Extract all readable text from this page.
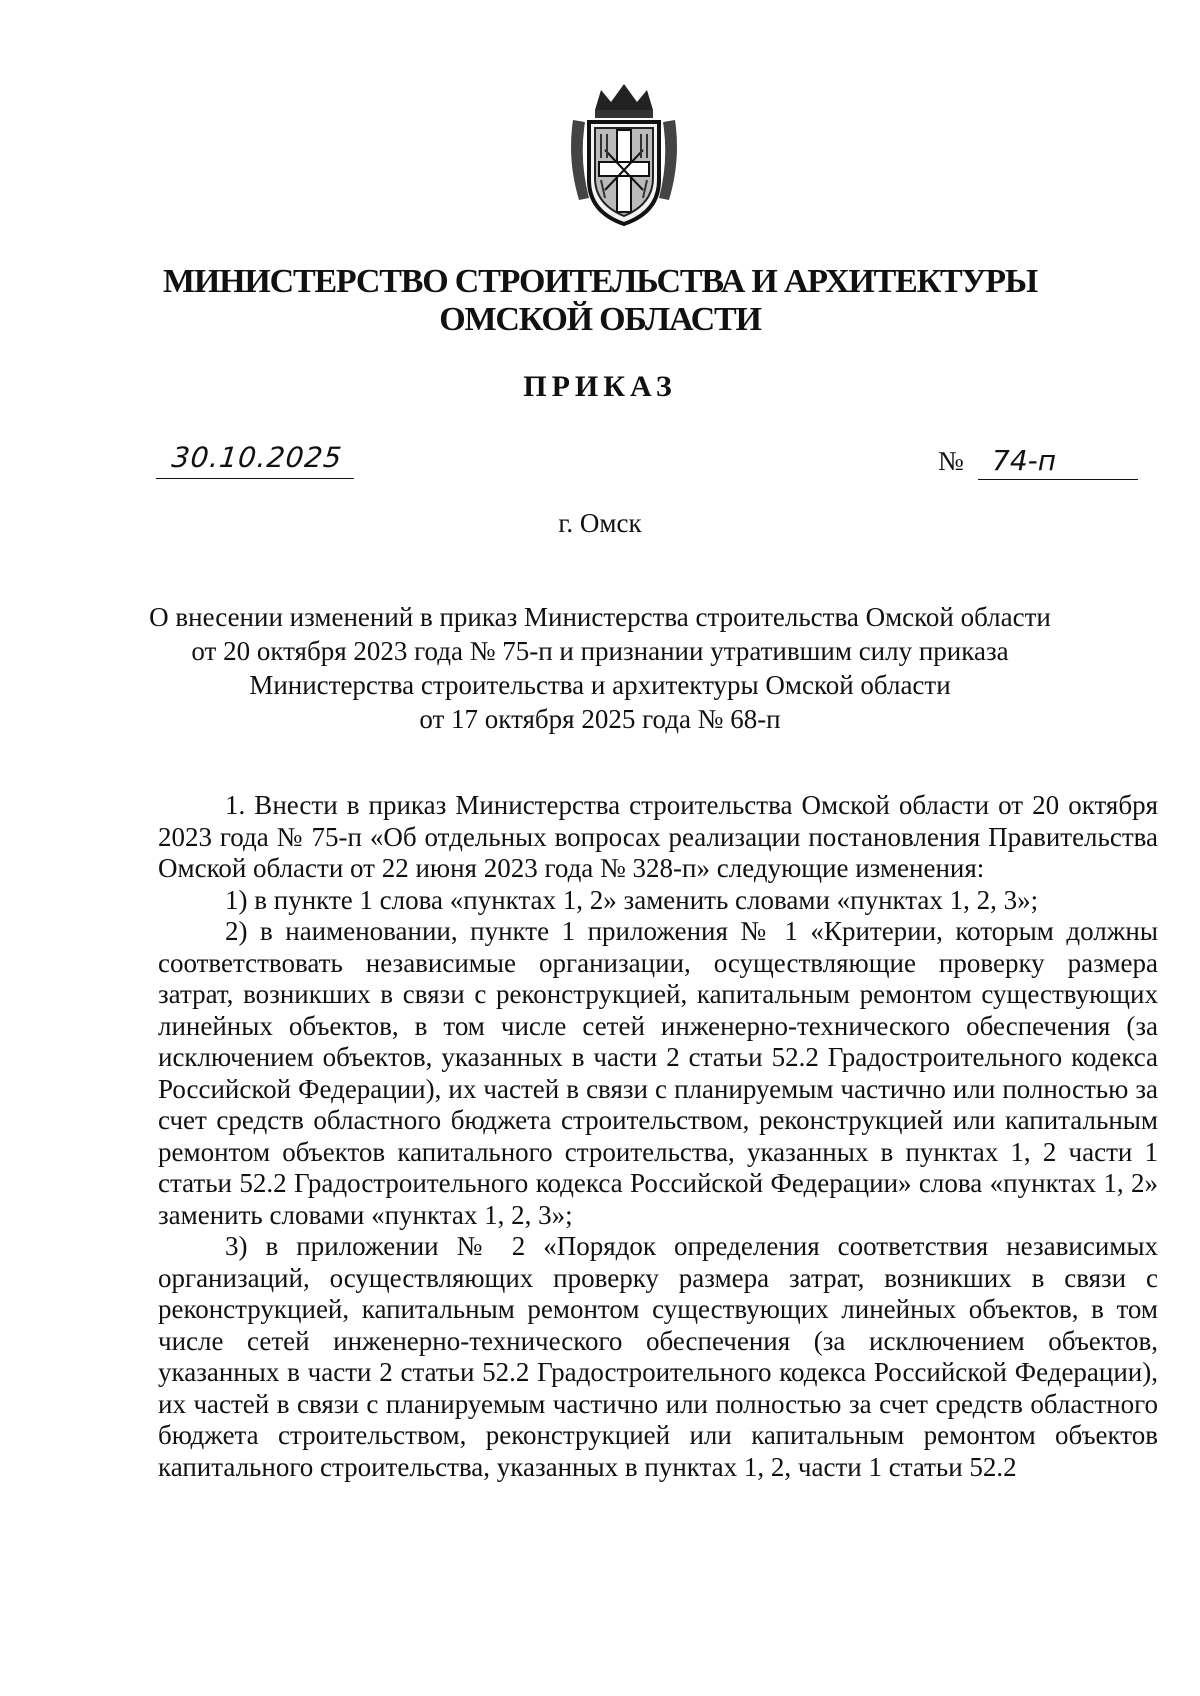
МИНИСТЕРСТВО СТРОИТЕЛЬСТВА И АРХИТЕКТУРЫ
ОМСКОЙ ОБЛАСТИ
ПРИКАЗ
30.10.2025	№	74-п
г. Омск
О внесении изменений в приказ Министерства строительства Омской области
от 20 октября 2023 года № 75-п и признании утратившим силу приказа
Министерства строительства и архитектуры Омской области
от 17 октября 2025 года № 68-п

1. Внести в приказ Министерства строительства Омской области от 20 октября 2023 года № 75-п «Об отдельных вопросах реализации постановления Правительства Омской области от 22 июня 2023 года № 328-п» следующие изменения:

1) в пункте 1 слова «пунктах 1, 2» заменить словами «пунктах 1, 2, 3»;

2) в наименовании, пункте 1 приложения № 1 «Критерии, которым должны соответствовать независимые организации, осуществляющие проверку размера затрат, возникших в связи с реконструкцией, капитальным ремонтом существующих линейных объектов, в том числе сетей инженерно-технического обеспечения (за исключением объектов, указанных в части 2 статьи 52.2 Градостроительного кодекса Российской Федерации), их частей в связи с планируемым частично или полностью за счет средств областного бюджета строительством, реконструкцией или капитальным ремонтом объектов капитального строительства, указанных в пунктах 1, 2 части 1 статьи 52.2 Градостроительного кодекса Российской Федерации» слова «пунктах 1, 2» заменить словами «пунктах 1, 2, 3»;

3) в приложении № 2 «Порядок определения соответствия независимых организаций, осуществляющих проверку размера затрат, возникших в связи с реконструкцией, капитальным ремонтом существующих линейных объектов, в том числе сетей инженерно-технического обеспечения (за исключением объектов, указанных в части 2 статьи 52.2 Градостроительного кодекса Российской Федерации), их частей в связи с планируемым частично или полностью за счет средств областного бюджета строительством, реконструкцией или капитальным ремонтом объектов капитального строительства, указанных в пунктах 1, 2, части 1 статьи 52.2
